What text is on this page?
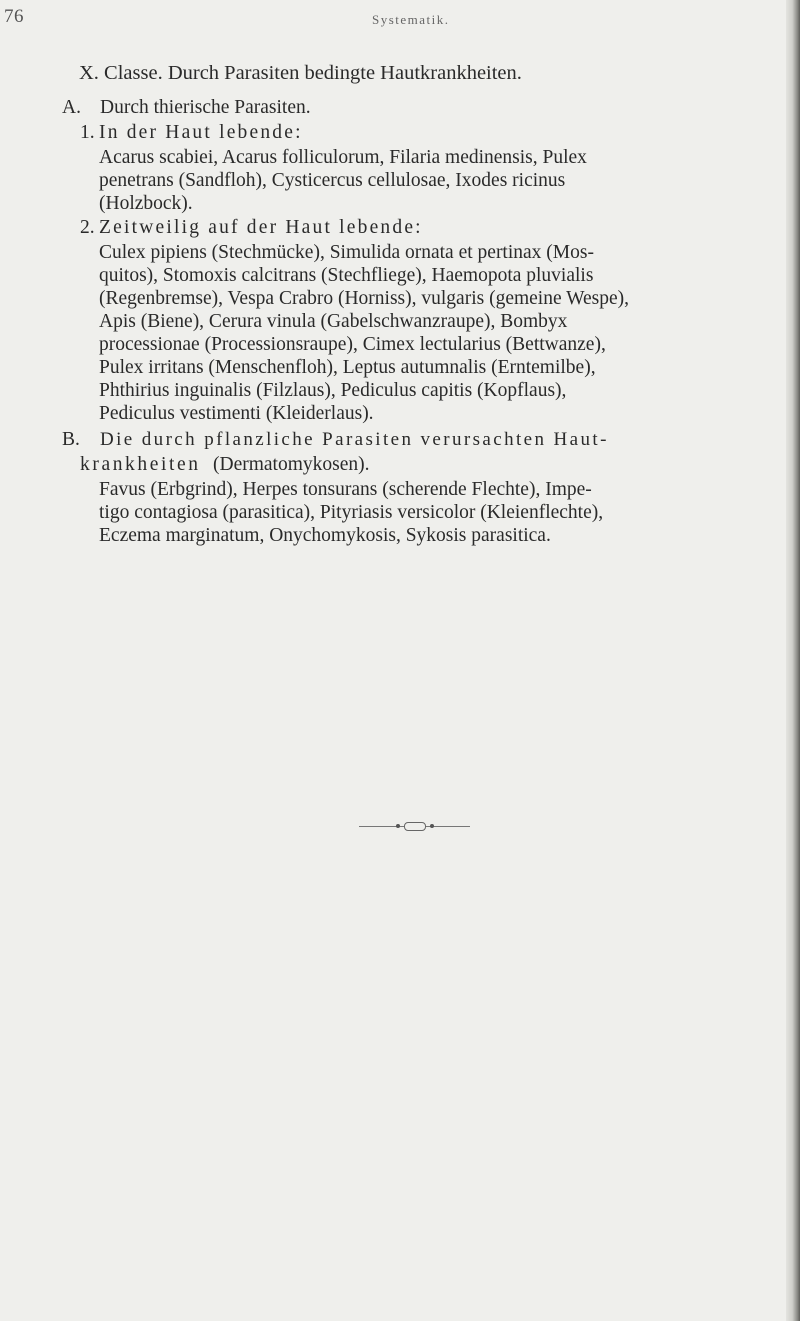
76	Systematik.
X. Classe. Durch Parasiten bedingte Hautkrankheiten.
A. Durch thierische Parasiten.
1. In der Haut lebende:
Acarus scabiei, Acarus folliculorum, Filaria medinensis, Pulex
penetrans (Sandfloh), Cysticercus cellulosae, Ixodes ricinus
(Holzbock).
2. Zeitweilig auf der Haut lebende:
Culex pipiens (Stechmücke), Simulida ornata et pertinax (Mos-
quitos), Stomoxis calcitrans (Stechfliege), Haemopota pluvialis
(Regenbremse), Vespa Crabro (Horniss), vulgaris (gemeine Wespe),
Apis (Biene), Cerura vinula (Gabelschwanzraupe), Bombyx
processionae (Processionsraupe), Cimex lectularius (Bettwanze),
Pulex irritans (Menschenfloh), Leptus autumnalis (Erntemilbe),
Phthirius inguinalis (Filzlaus), Pediculus capitis (Kopflaus),
Pediculus vestimenti (Kleiderlaus).
B. Die durch pflanzliche Parasiten verursachten Haut-
krankheiten (Dermatomykosen).
Favus (Erbgrind), Herpes tonsurans (scherende Flechte), Impe-
tigo contagiosa (parasitica), Pityriasis versicolor (Kleienflechte),
Eczema marginatum, Onychomykosis, Sykosis parasitica.
